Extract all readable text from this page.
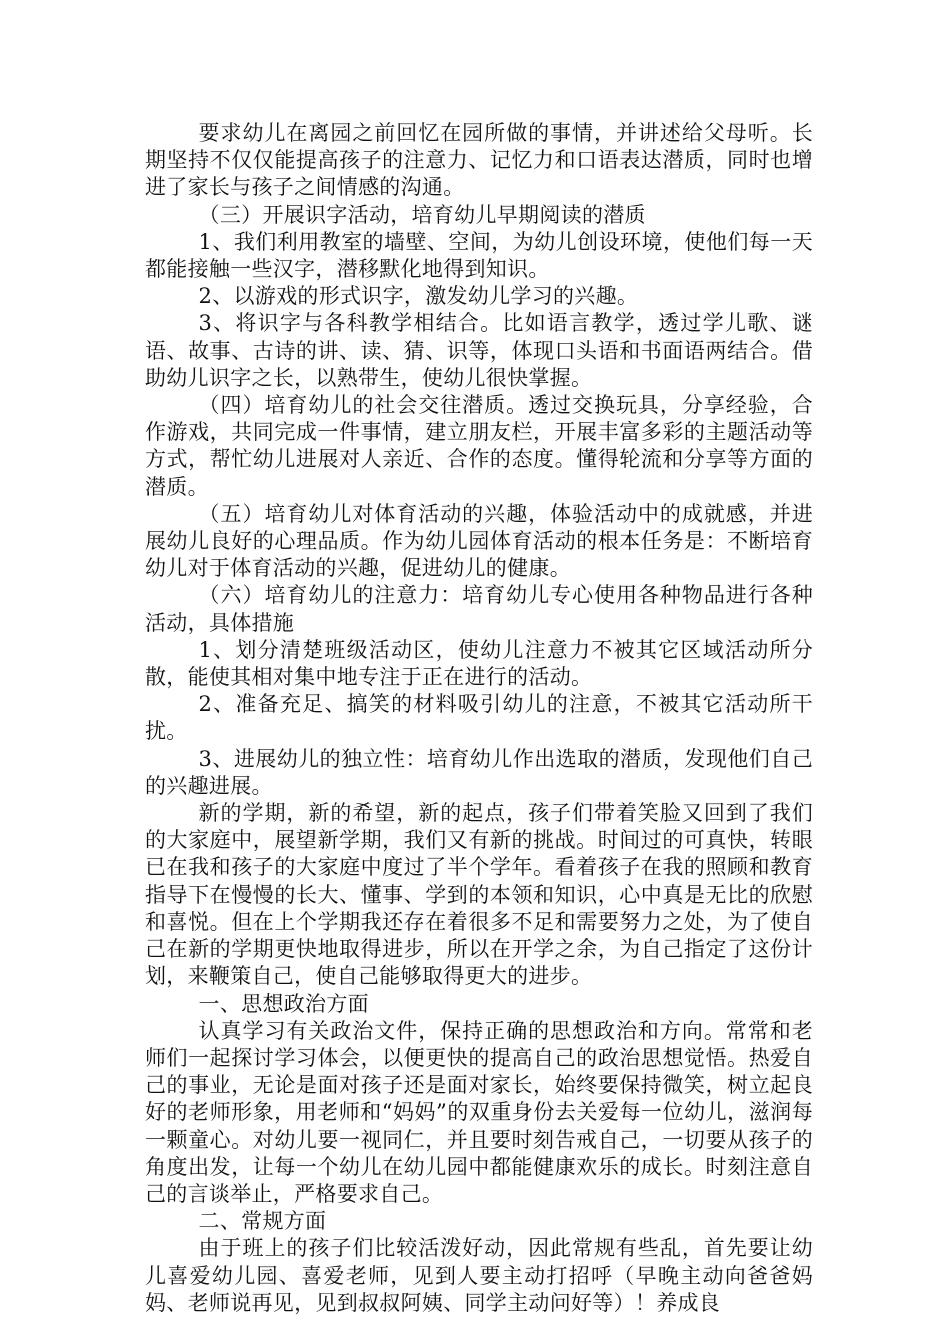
要求幼儿在离园之前回忆在园所做的事情，并讲述给父母听。长期坚持不仅仅能提高孩子的注意力、记忆力和口语表达潜质，同时也增进了家长与孩子之间情感的沟通。

（三）开展识字活动，培育幼儿早期阅读的潜质

1、我们利用教室的墙壁、空间，为幼儿创设环境，使他们每一天都能接触一些汉字，潜移默化地得到知识。

2、以游戏的形式识字，激发幼儿学习的兴趣。

3、将识字与各科教学相结合。比如语言教学，透过学儿歌、谜语、故事、古诗的讲、读、猜、识等，体现口头语和书面语两结合。借助幼儿识字之长，以熟带生，使幼儿很快掌握。

（四）培育幼儿的社会交往潜质。透过交换玩具，分享经验，合作游戏，共同完成一件事情，建立朋友栏，开展丰富多彩的主题活动等方式，帮忙幼儿进展对人亲近、合作的态度。懂得轮流和分享等方面的潜质。

（五）培育幼儿对体育活动的兴趣，体验活动中的成就感，并进展幼儿良好的心理品质。作为幼儿园体育活动的根本任务是：不断培育幼儿对于体育活动的兴趣，促进幼儿的健康。

（六）培育幼儿的注意力：培育幼儿专心使用各种物品进行各种活动，具体措施

1、划分清楚班级活动区，使幼儿注意力不被其它区域活动所分散，能使其相对集中地专注于正在进行的活动。

2、准备充足、搞笑的材料吸引幼儿的注意，不被其它活动所干扰。

3、进展幼儿的独立性：培育幼儿作出选取的潜质，发现他们自己的兴趣进展。

新的学期，新的希望，新的起点，孩子们带着笑脸又回到了我们的大家庭中，展望新学期，我们又有新的挑战。时间过的可真快，转眼已在我和孩子的大家庭中度过了半个学年。看着孩子在我的照顾和教育指导下在慢慢的长大、懂事、学到的本领和知识，心中真是无比的欣慰和喜悦。但在上个学期我还存在着很多不足和需要努力之处，为了使自己在新的学期更快地取得进步，所以在开学之余，为自己指定了这份计划，来鞭策自己，使自己能够取得更大的进步。

一、思想政治方面

认真学习有关政治文件，保持正确的思想政治和方向。常常和老师们一起探讨学习体会，以便更快的提高自己的政治思想觉悟。热爱自己的事业，无论是面对孩子还是面对家长，始终要保持微笑，树立起良好的老师形象，用老师和“妈妈”的双重身份去关爱每一位幼儿，滋润每一颗童心。对幼儿要一视同仁，并且要时刻告戒自己，一切要从孩子的角度出发，让每一个幼儿在幼儿园中都能健康欢乐的成长。时刻注意自己的言谈举止，严格要求自己。

二、常规方面

由于班上的孩子们比较活泼好动，因此常规有些乱，首先要让幼儿喜爱幼儿园、喜爱老师，见到人要主动打招呼（早晚主动向爸爸妈妈、老师说再见，见到叔叔阿姨、同学主动问好等）！养成良
